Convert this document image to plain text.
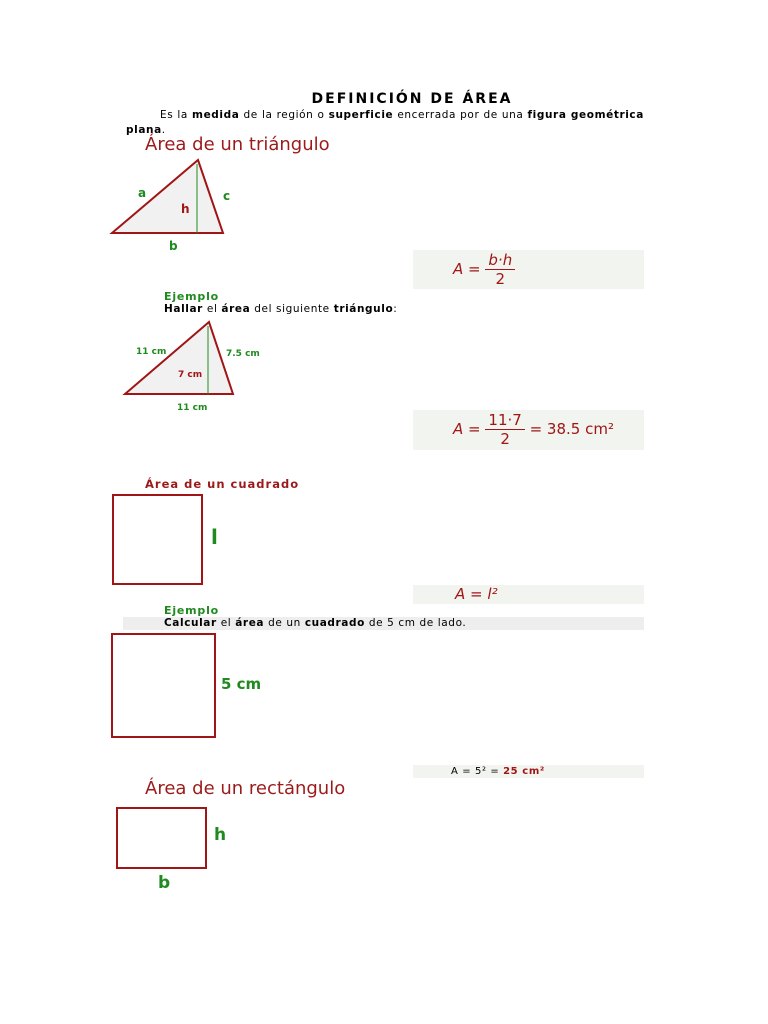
DEFINICIÓN DE ÁREA
Es la medida de la región o superficie encerrada por de una figura geométrica plana.
Área de un triángulo
a
h
c
b
$A = \frac{b\cdot h}{2}$
Ejemplo
Hallar el área del siguiente triángulo:
11 cm	7.5 cm
7 cm
11 cm
$A = \frac{11\cdot 7}{2} = 38.5$ cm²
Área de un cuadrado
l
A = l²
Ejemplo
Calcular el área de un cuadrado de 5 cm de lado.
5 cm
A = 5² = 25 cm²
Área de un rectángulo
h
b
